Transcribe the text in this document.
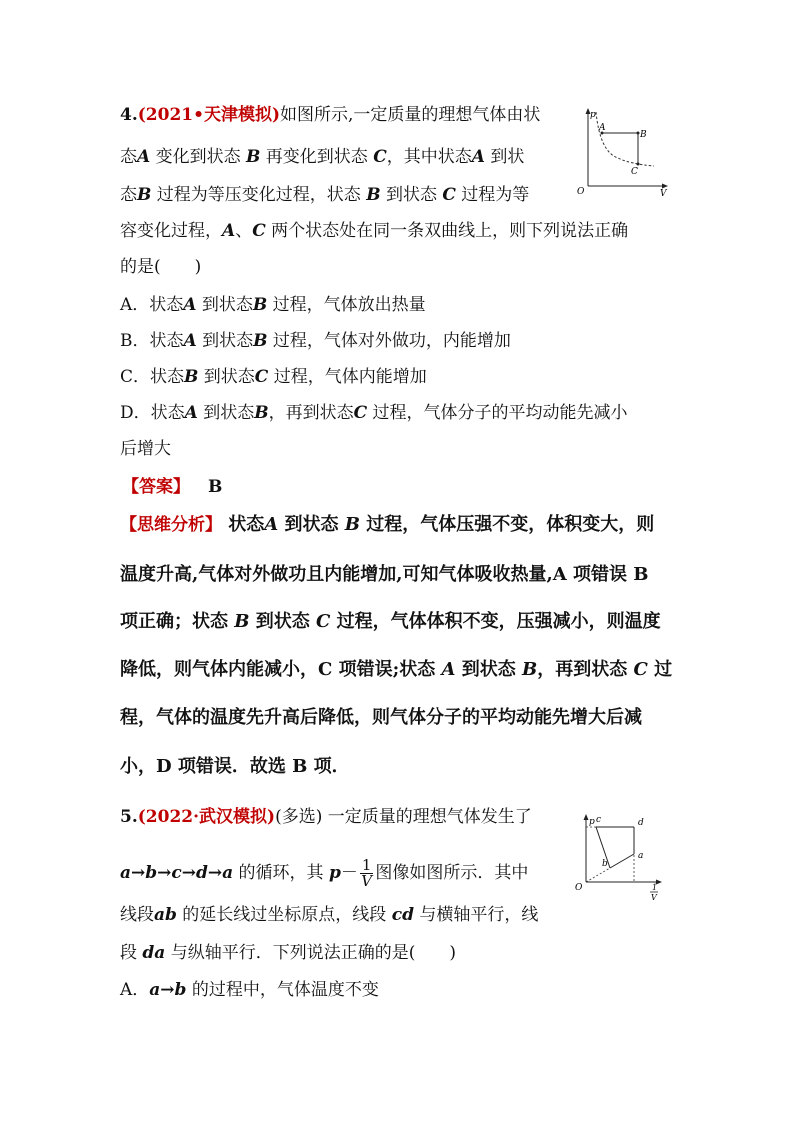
4.(2021•天津模拟)如图所示,一定质量的理想气体由状
态A 变化到状态 B 再变化到状态 C，其中状态A 到状
态B 过程为等压变化过程，状态 B 到状态 C 过程为等
容变化过程，A、C 两个状态处在同一条双曲线上，则下列说法正确
的是(　　)
A．状态A 到状态B 过程，气体放出热量
B．状态A 到状态B 过程，气体对外做功，内能增加
C．状态B 到状态C 过程，气体内能增加
D．状态A 到状态B，再到状态C 过程，气体分子的平均动能先减小
后增大
【答案】 B
【思维分析】 状态A 到状态 B 过程，气体压强不变，体积变大，则
温度升高,气体对外做功且内能增加,可知气体吸收热量,A 项错误 B
项正确；状态 B 到状态 C 过程，气体体积不变，压强减小，则温度
降低，则气体内能减小，C 项错误;状态 A 到状态 B，再到状态 C 过
程，气体的温度先升高后降低，则气体分子的平均动能先增大后减
小，D 项错误．故选 B 项．
p
V
O
A
B
C
5.(2022·武汉模拟)(多选) 一定质量的理想气体发生了
a→b→c→d→a 的循环，其 $p- \frac{1}{V}$ 图像如图所示．其中
线段ab 的延长线过坐标原点，线段 cd 与横轴平行，线
段 da 与纵轴平行．下列说法正确的是(　　)
A．a→b 的过程中，气体温度不变
p
O
c	d
a
b
1
V
